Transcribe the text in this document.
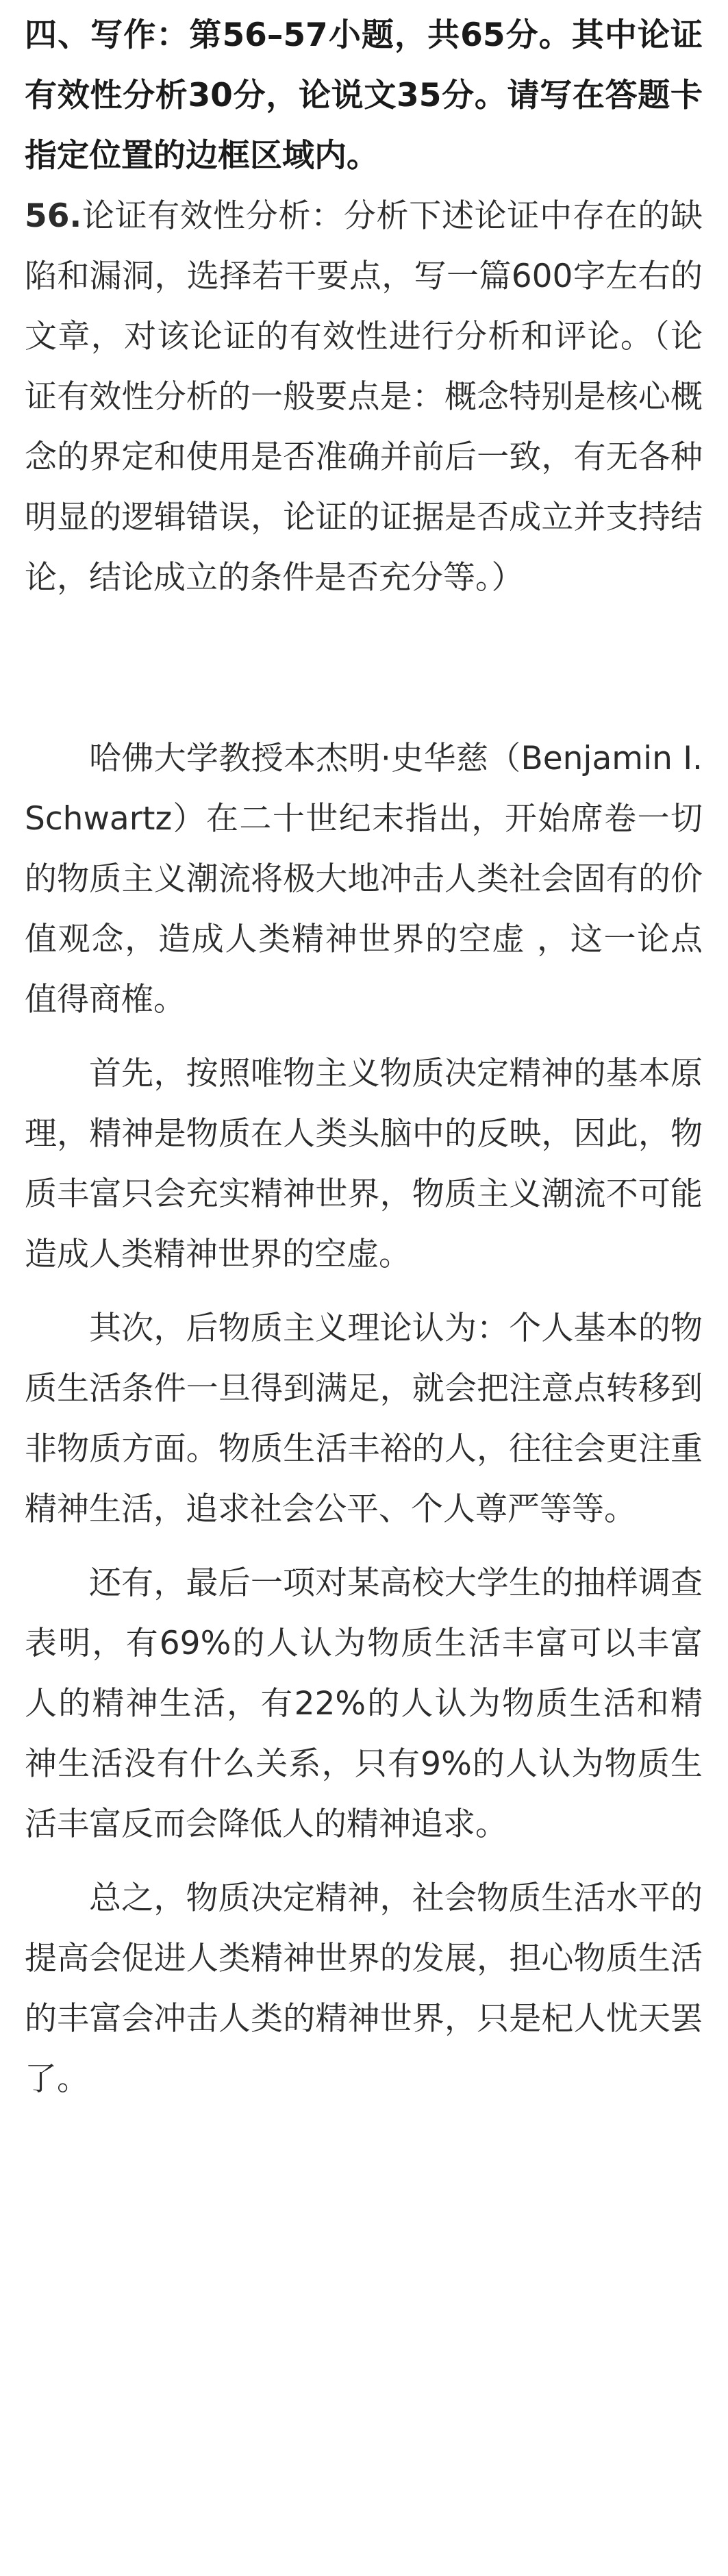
四、写作：第56–57小题，共65分。其中论证有效性分析30分，论说文35分。请写在答题卡指定位置的边框区域内。

56.论证有效性分析：分析下述论证中存在的缺陷和漏洞，选择若干要点，写一篇600字左右的文章，对该论证的有效性进行分析和评论。（论证有效性分析的一般要点是：概念特别是核心概念的界定和使用是否准确并前后一致，有无各种明显的逻辑错误，论证的证据是否成立并支持结论，结论成立的条件是否充分等。）

哈佛大学教授本杰明·史华慈（Benjamin I.Schwartz）在二十世纪末指出，开始席卷一切的物质主义潮流将极大地冲击人类社会固有的价值观念，造成人类精神世界的空虚 ，这一论点值得商榷。

首先，按照唯物主义物质决定精神的基本原理，精神是物质在人类头脑中的反映，因此，物质丰富只会充实精神世界，物质主义潮流不可能造成人类精神世界的空虚。

其次，后物质主义理论认为：个人基本的物质生活条件一旦得到满足，就会把注意点转移到非物质方面。物质生活丰裕的人，往往会更注重精神生活，追求社会公平、个人尊严等等。

还有，最后一项对某高校大学生的抽样调查表明，有69%的人认为物质生活丰富可以丰富人的精神生活，有22%的人认为物质生活和精神生活没有什么关系，只有9%的人认为物质生活丰富反而会降低人的精神追求。

总之，物质决定精神，社会物质生活水平的提高会促进人类精神世界的发展，担心物质生活的丰富会冲击人类的精神世界，只是杞人忧天罢了。
